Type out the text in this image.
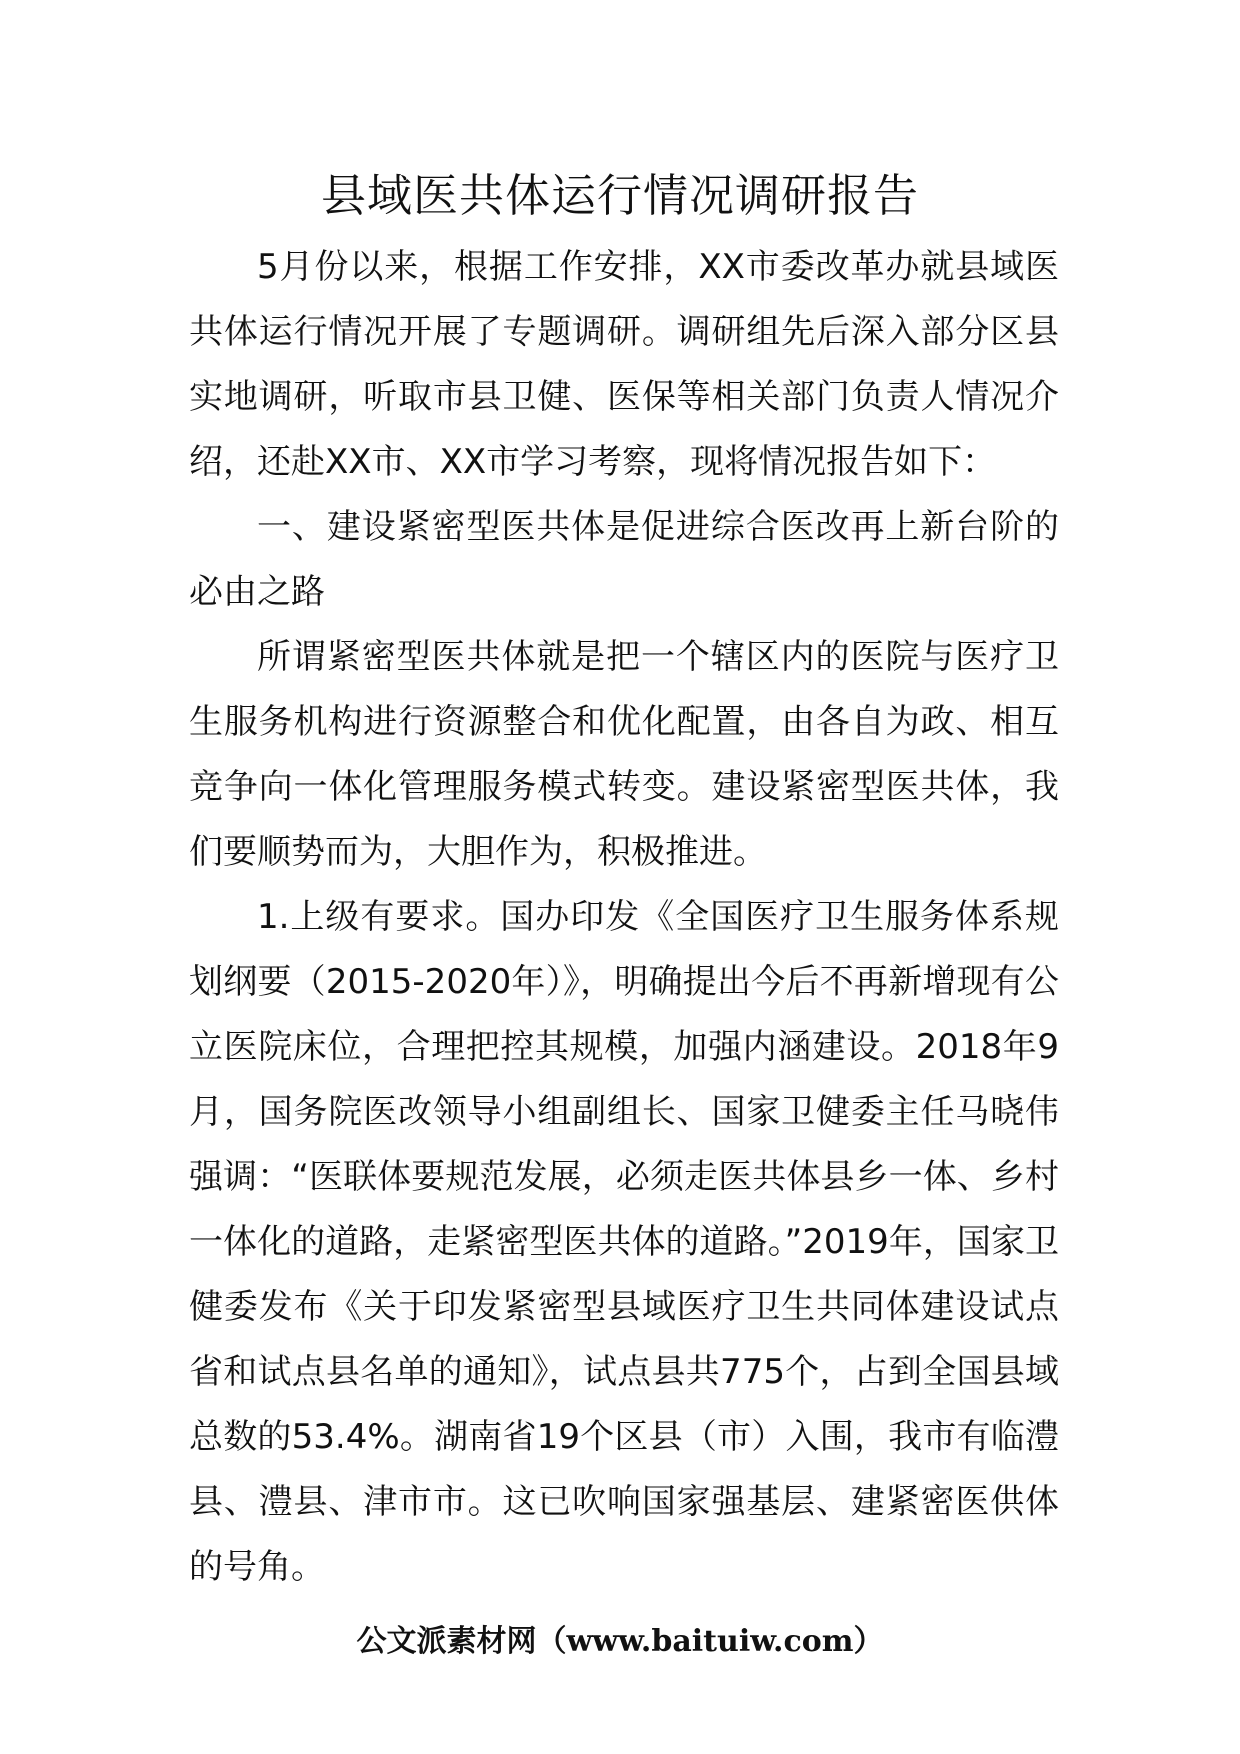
县域医共体运行情况调研报告

5月份以来，根据工作安排，XX市委改革办就县域医共体运行情况开展了专题调研。调研组先后深入部分区县实地调研，听取市县卫健、医保等相关部门负责人情况介绍，还赴XX市、XX市学习考察，现将情况报告如下：

一、建设紧密型医共体是促进综合医改再上新台阶的必由之路

所谓紧密型医共体就是把一个辖区内的医院与医疗卫生服务机构进行资源整合和优化配置，由各自为政、相互竞争向一体化管理服务模式转变。建设紧密型医共体，我们要顺势而为，大胆作为，积极推进。

1.上级有要求。国办印发《全国医疗卫生服务体系规划纲要（2015-2020年）》，明确提出今后不再新增现有公立医院床位，合理把控其规模，加强内涵建设。2018年9月，国务院医改领导小组副组长、国家卫健委主任马晓伟强调：“医联体要规范发展，必须走医共体县乡一体、乡村一体化的道路，走紧密型医共体的道路。”2019年，国家卫健委发布《关于印发紧密型县域医疗卫生共同体建设试点省和试点县名单的通知》，试点县共775个，占到全国县域总数的53.4%。湖南省19个区县（市）入围，我市有临澧县、澧县、津市市。这已吹响国家强基层、建紧密医供体的号角。

公文派素材网（www.baituiw.com）
